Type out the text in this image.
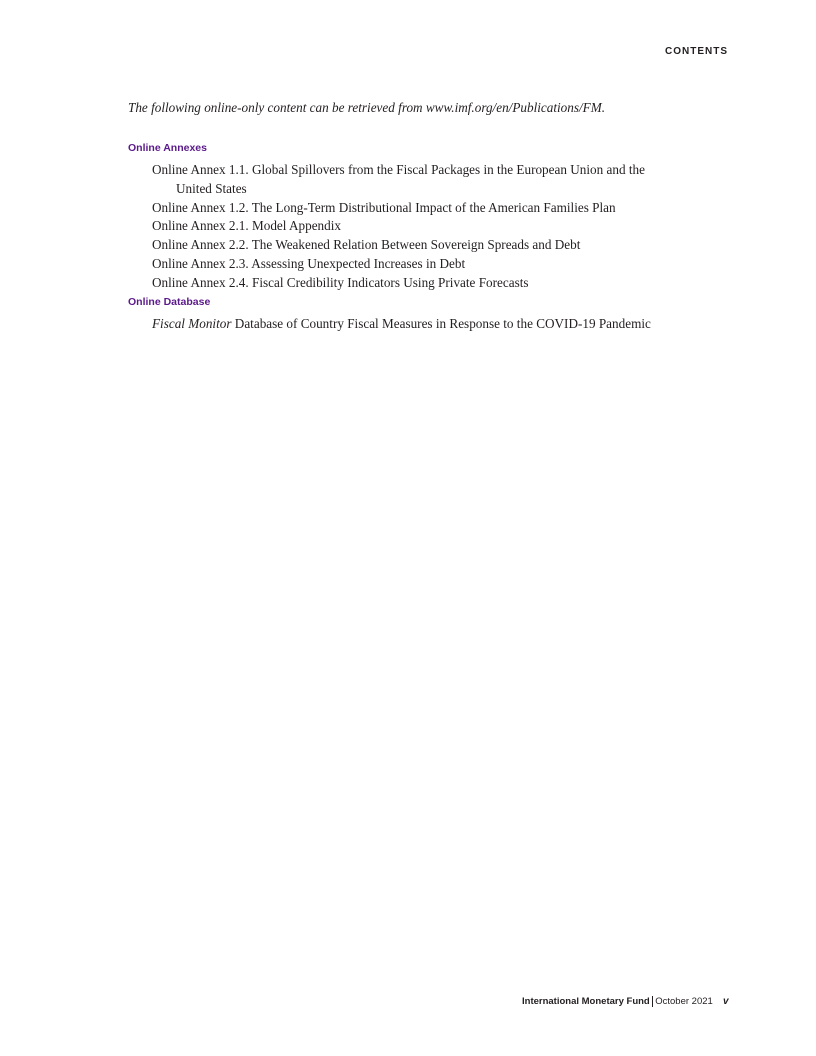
CONTENTS
The following online-only content can be retrieved from www.imf.org/en/Publications/FM.
Online Annexes
Online Annex 1.1. Global Spillovers from the Fiscal Packages in the European Union and the United States
Online Annex 1.2. The Long-Term Distributional Impact of the American Families Plan
Online Annex 2.1. Model Appendix
Online Annex 2.2. The Weakened Relation Between Sovereign Spreads and Debt
Online Annex 2.3. Assessing Unexpected Increases in Debt
Online Annex 2.4. Fiscal Credibility Indicators Using Private Forecasts
Online Database
Fiscal Monitor Database of Country Fiscal Measures in Response to the COVID-19 Pandemic
International Monetary Fund October 2021 v
